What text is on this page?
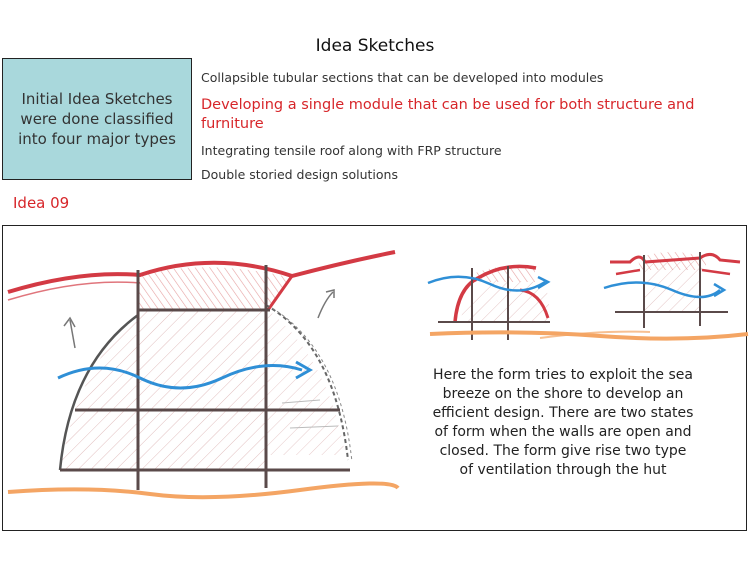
Idea Sketches
Initial Idea Sketches were done classified into four major types

Collapsible tubular sections that can be developed into modules

Developing a single module that can be used for both structure and furniture

Integrating tensile roof along with FRP structure

Double storied design solutions

Idea 09
Here the form tries to exploit the sea breeze on the shore to develop an efficient design. There are two states of form when the walls are open and closed. The form give rise two type of ventilation through the hut
